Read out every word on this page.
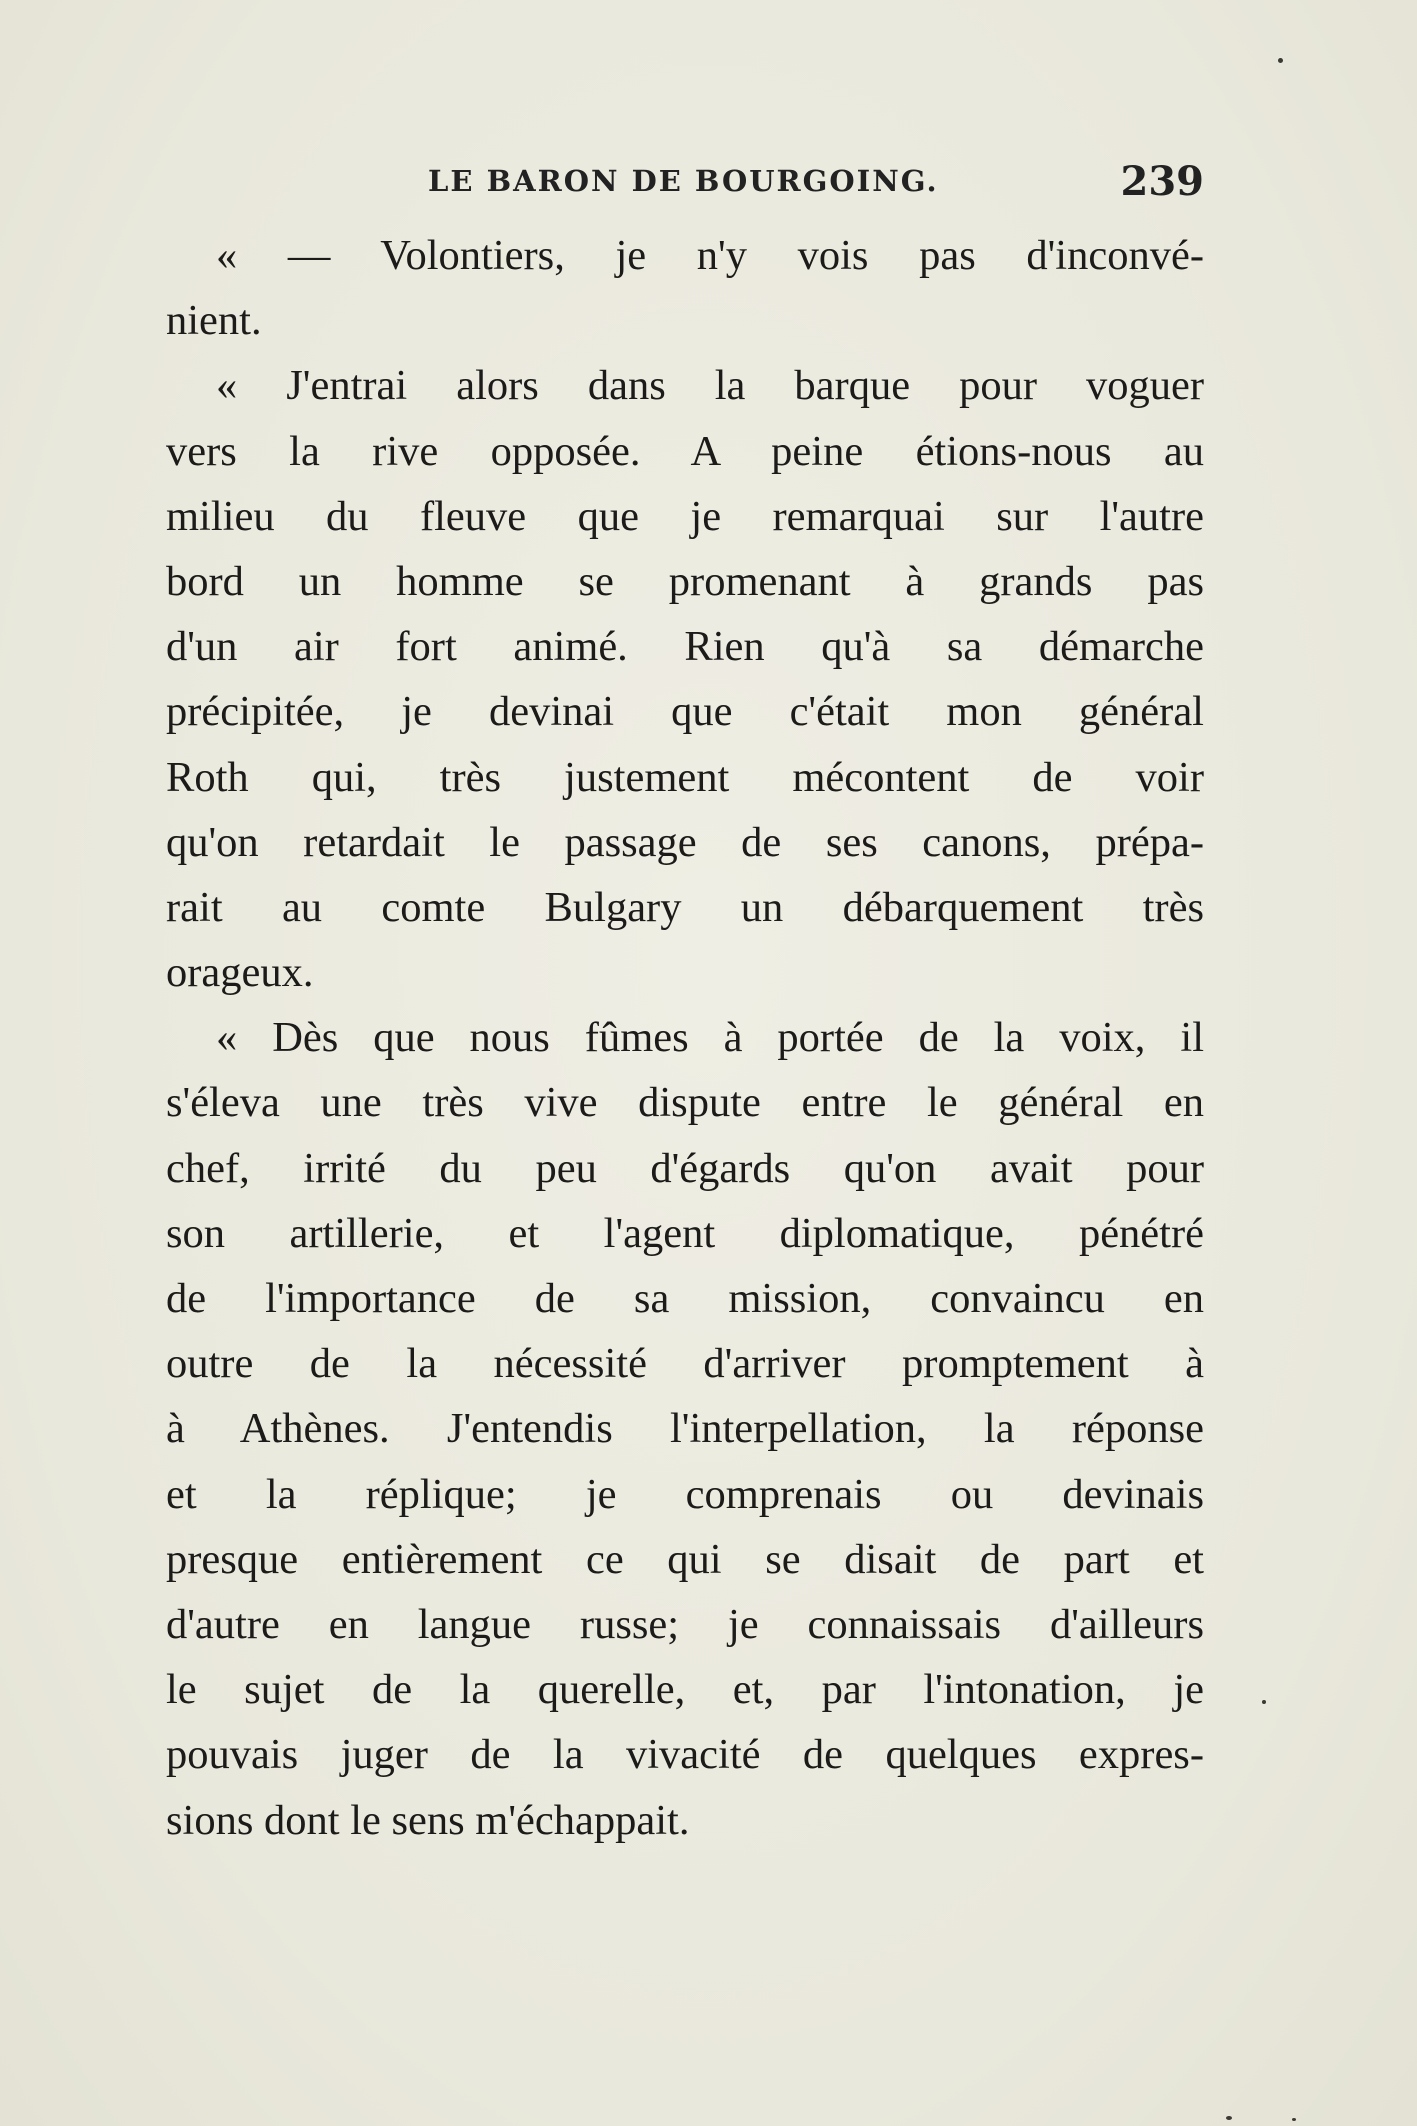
LE BARON DE BOURGOING.	239
« — Volontiers, je n'y vois pas d'inconvé-
nient.
« J'entrai alors dans la barque pour voguer
vers la rive opposée. A peine étions-nous au
milieu du fleuve que je remarquai sur l'autre
bord un homme se promenant à grands pas
d'un air fort animé. Rien qu'à sa démarche
précipitée, je devinai que c'était mon général
Roth qui, très justement mécontent de voir
qu'on retardait le passage de ses canons, prépa-
rait au comte Bulgary un débarquement très
orageux.
« Dès que nous fûmes à portée de la voix, il
s'éleva une très vive dispute entre le général en
chef, irrité du peu d'égards qu'on avait pour
son artillerie, et l'agent diplomatique, pénétré
de l'importance de sa mission, convaincu en
outre de la nécessité d'arriver promptement à
à Athènes. J'entendis l'interpellation, la réponse
et la réplique; je comprenais ou devinais
presque entièrement ce qui se disait de part et
d'autre en langue russe; je connaissais d'ailleurs
le sujet de la querelle, et, par l'intonation, je
pouvais juger de la vivacité de quelques expres-
sions dont le sens m'échappait.
